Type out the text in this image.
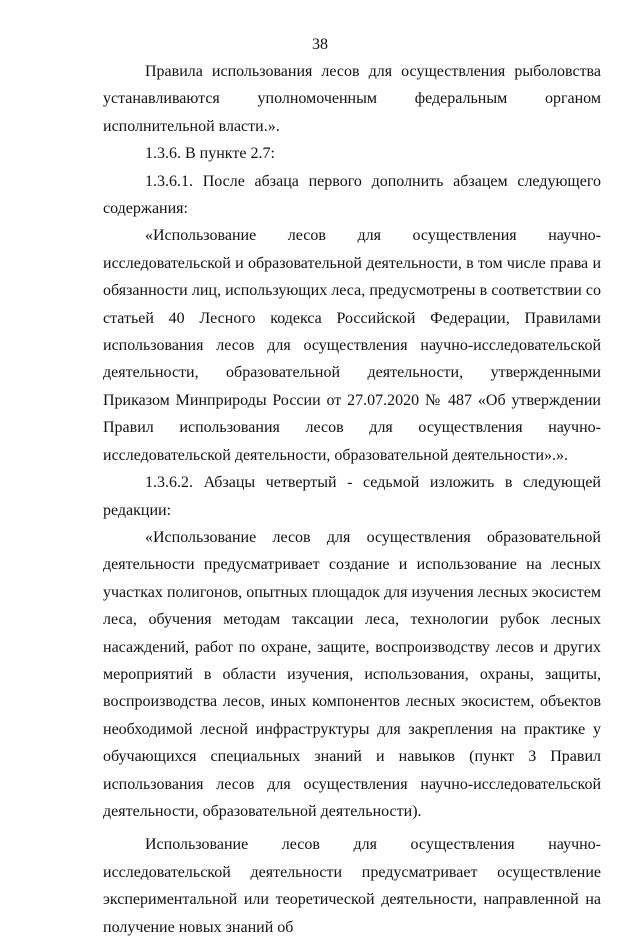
38

Правила использования лесов для осуществления рыболовства устанавливаются уполномоченным федеральным органом исполнительной власти.».

1.3.6. В пункте 2.7:

1.3.6.1. После абзаца первого дополнить абзацем следующего содержания:

«Использование лесов для осуществления научно-исследовательской и образовательной деятельности, в том числе права и обязанности лиц, использующих леса, предусмотрены в соответствии со статьей 40 Лесного кодекса Российской Федерации, Правилами использования лесов для осуществления научно-исследовательской деятельности, образовательной деятельности, утвержденными Приказом Минприроды России от 27.07.2020 № 487 «Об утверждении Правил использования лесов для осуществления научно-исследовательской деятельности, образовательной деятельности».».

1.3.6.2. Абзацы четвертый - седьмой изложить в следующей редакции:

«Использование лесов для осуществления образовательной деятельности предусматривает создание и использование на лесных участках полигонов, опытных площадок для изучения лесных экосистем леса, обучения методам таксации леса, технологии рубок лесных насаждений, работ по охране, защите, воспроизводству лесов и других мероприятий в области изучения, использования, охраны, защиты, воспроизводства лесов, иных компонентов лесных экосистем, объектов необходимой лесной инфраструктуры для закрепления на практике у обучающихся специальных знаний и навыков (пункт 3 Правил использования лесов для осуществления научно-исследовательской деятельности, образовательной деятельности).

Использование лесов для осуществления научно-исследовательской деятельности предусматривает осуществление экспериментальной или теоретической деятельности, направленной на получение новых знаний об
